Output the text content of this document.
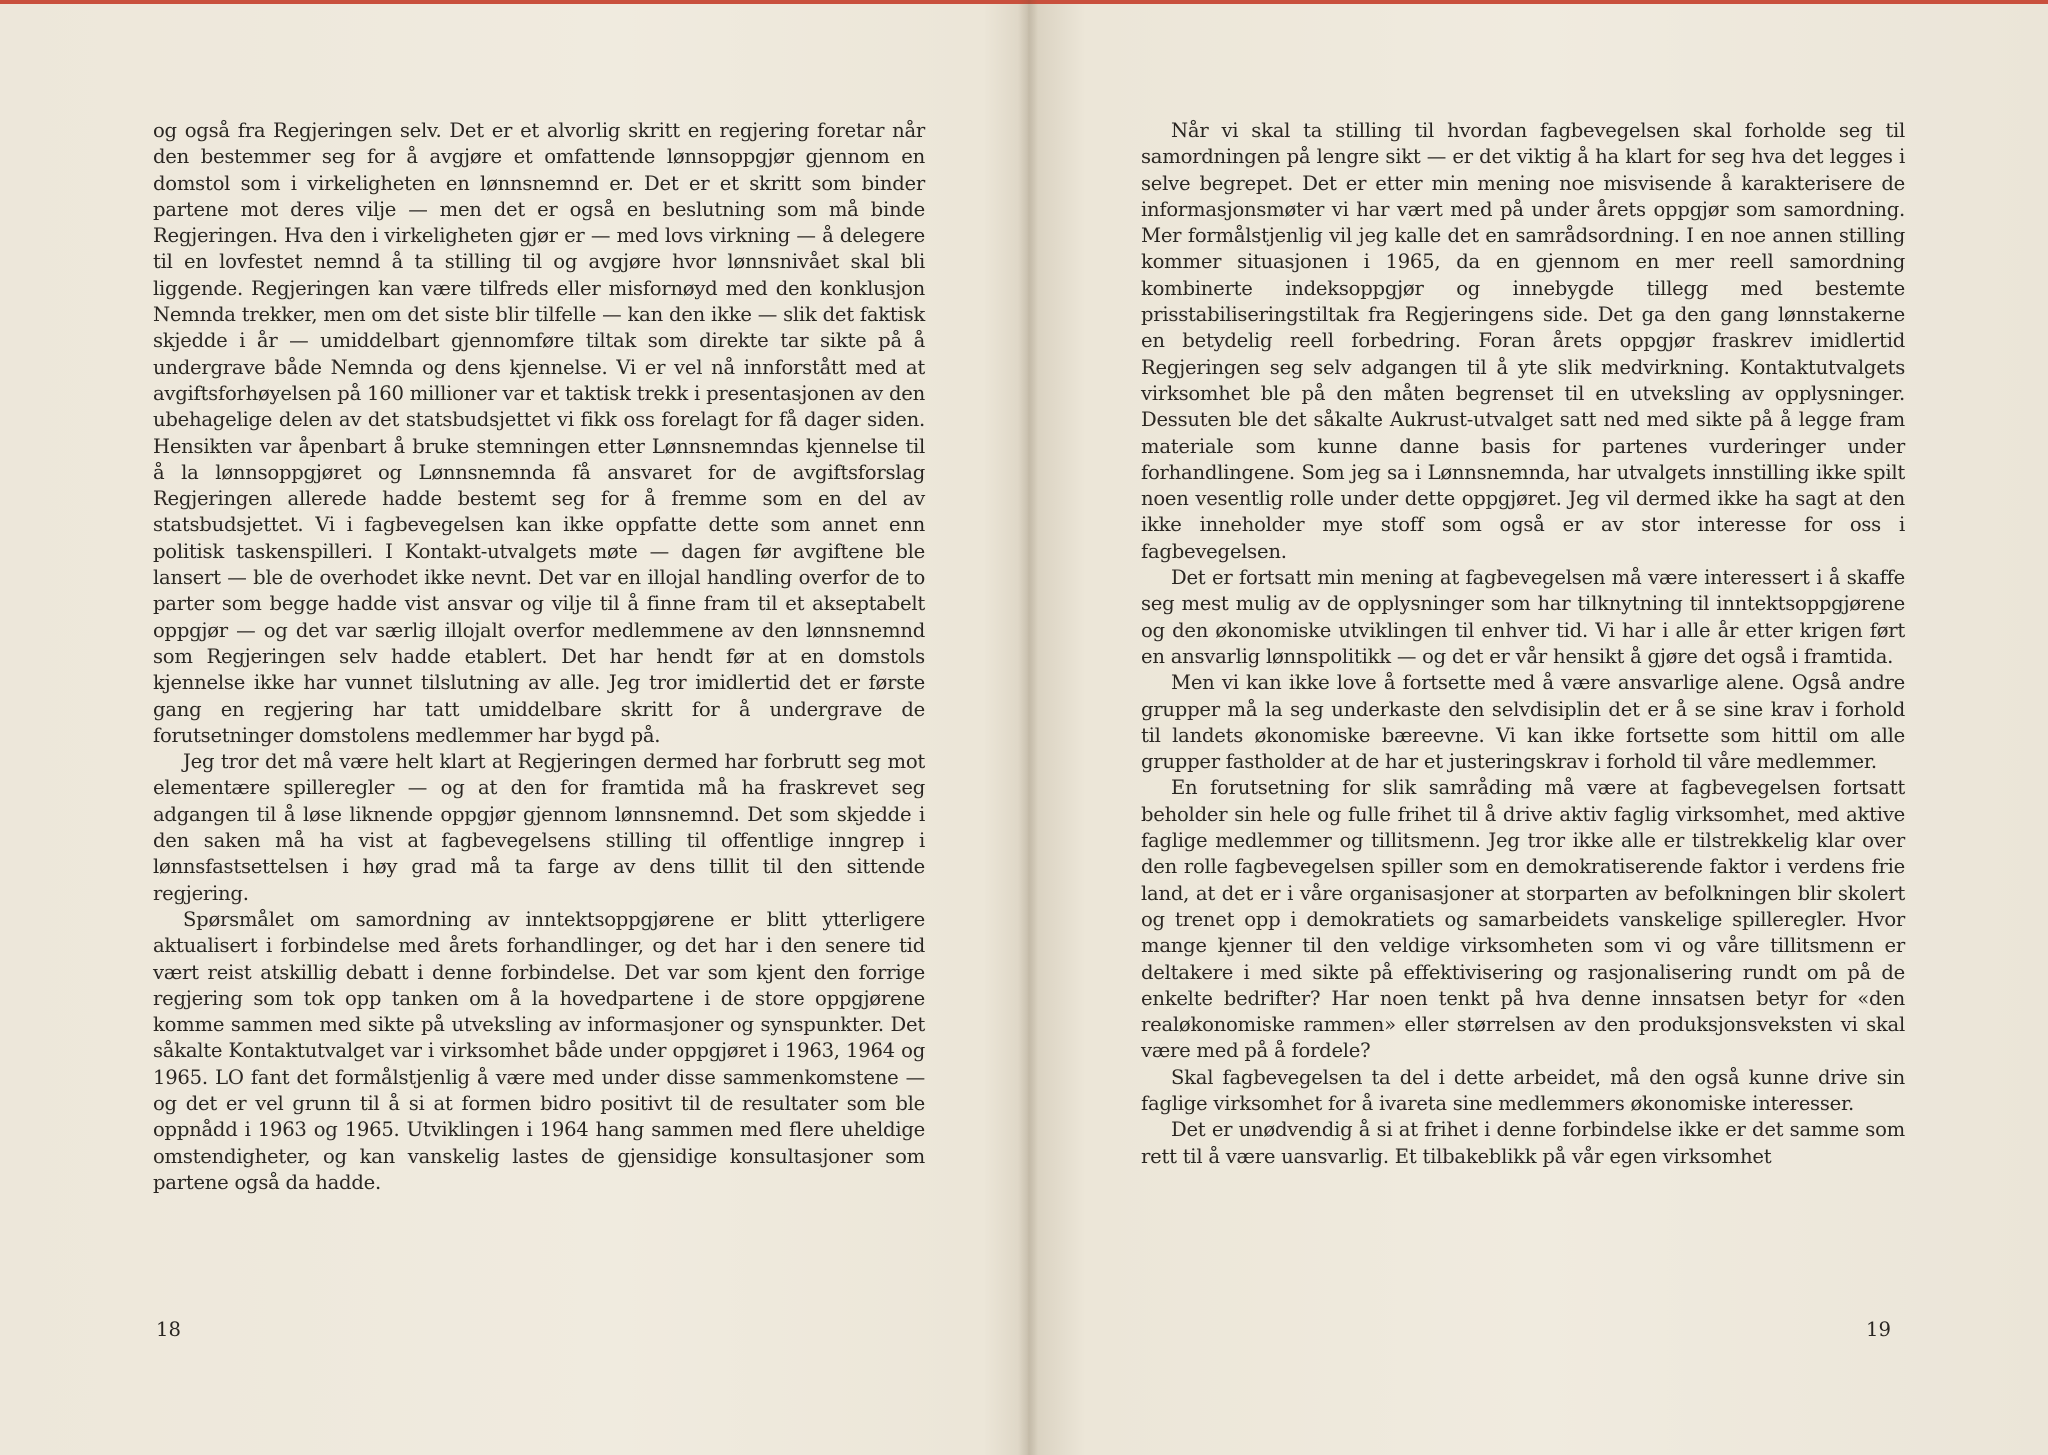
og også fra Regjeringen selv. Det er et alvorlig skritt en regjering foretar når den bestemmer seg for å avgjøre et omfattende lønnsoppgjør gjennom en domstol som i virkeligheten en lønnsnemnd er. Det er et skritt som binder partene mot deres vilje — men det er også en beslutning som må binde Regjeringen. Hva den i virkeligheten gjør er — med lovs virkning — å delegere til en lovfestet nemnd å ta stilling til og avgjøre hvor lønnsnivået skal bli liggende. Regjeringen kan være tilfreds eller misfornøyd med den konklusjon Nemnda trekker, men om det siste blir tilfelle — kan den ikke — slik det faktisk skjedde i år — umiddelbart gjennomføre tiltak som direkte tar sikte på å undergrave både Nemnda og dens kjennelse. Vi er vel nå innforstått med at avgiftsforhøyelsen på 160 millioner var et taktisk trekk i presentasjonen av den ubehagelige delen av det statsbudsjettet vi fikk oss forelagt for få dager siden. Hensikten var åpenbart å bruke stemningen etter Lønnsnemndas kjennelse til å la lønnsoppgjøret og Lønnsnemnda få ansvaret for de avgiftsforslag Regjeringen allerede hadde bestemt seg for å fremme som en del av statsbudsjettet. Vi i fagbevegelsen kan ikke oppfatte dette som annet enn politisk taskenspilleri. I Kontakt-utvalgets møte — dagen før avgiftene ble lansert — ble de overhodet ikke nevnt. Det var en illojal handling overfor de to parter som begge hadde vist ansvar og vilje til å finne fram til et akseptabelt oppgjør — og det var særlig illojalt overfor medlemmene av den lønnsnemnd som Regjeringen selv hadde etablert. Det har hendt før at en domstols kjennelse ikke har vunnet tilslutning av alle. Jeg tror imidlertid det er første gang en regjering har tatt umiddelbare skritt for å undergrave de forutsetninger domstolens medlemmer har bygd på.

Jeg tror det må være helt klart at Regjeringen dermed har forbrutt seg mot elementære spilleregler — og at den for framtida må ha fraskrevet seg adgangen til å løse liknende oppgjør gjennom lønnsnemnd. Det som skjedde i den saken må ha vist at fagbevegelsens stilling til offentlige inngrep i lønnsfastsettelsen i høy grad må ta farge av dens tillit til den sittende regjering.

Spørsmålet om samordning av inntektsoppgjørene er blitt ytterligere aktualisert i forbindelse med årets forhandlinger, og det har i den senere tid vært reist atskillig debatt i denne forbindelse. Det var som kjent den forrige regjering som tok opp tanken om å la hovedpartene i de store oppgjørene komme sammen med sikte på utveksling av informasjoner og synspunkter. Det såkalte Kontaktutvalget var i virksomhet både under oppgjøret i 1963, 1964 og 1965. LO fant det formålstjenlig å være med under disse sammenkomstene — og det er vel grunn til å si at formen bidro positivt til de resultater som ble oppnådd i 1963 og 1965. Utviklingen i 1964 hang sammen med flere uheldige omstendigheter, og kan vanskelig lastes de gjensidige konsultasjoner som partene også da hadde.

18

Når vi skal ta stilling til hvordan fagbevegelsen skal forholde seg til samordningen på lengre sikt — er det viktig å ha klart for seg hva det legges i selve begrepet. Det er etter min mening noe misvisende å karakterisere de informasjonsmøter vi har vært med på under årets oppgjør som samordning. Mer formålstjenlig vil jeg kalle det en samrådsordning. I en noe annen stilling kommer situasjonen i 1965, da en gjennom en mer reell samordning kombinerte indeksoppgjør og innebygde tillegg med bestemte prisstabiliseringstiltak fra Regjeringens side. Det ga den gang lønnstakerne en betydelig reell forbedring. Foran årets oppgjør fraskrev imidlertid Regjeringen seg selv adgangen til å yte slik medvirkning. Kontaktutvalgets virksomhet ble på den måten begrenset til en utveksling av opplysninger. Dessuten ble det såkalte Aukrust-utvalget satt ned med sikte på å legge fram materiale som kunne danne basis for partenes vurderinger under forhandlingene. Som jeg sa i Lønnsnemnda, har utvalgets innstilling ikke spilt noen vesentlig rolle under dette oppgjøret. Jeg vil dermed ikke ha sagt at den ikke inneholder mye stoff som også er av stor interesse for oss i fagbevegelsen.

Det er fortsatt min mening at fagbevegelsen må være interessert i å skaffe seg mest mulig av de opplysninger som har tilknytning til inntektsoppgjørene og den økonomiske utviklingen til enhver tid. Vi har i alle år etter krigen ført en ansvarlig lønnspolitikk — og det er vår hensikt å gjøre det også i framtida.

Men vi kan ikke love å fortsette med å være ansvarlige alene. Også andre grupper må la seg underkaste den selvdisiplin det er å se sine krav i forhold til landets økonomiske bæreevne. Vi kan ikke fortsette som hittil om alle grupper fastholder at de har et justeringskrav i forhold til våre medlemmer.

En forutsetning for slik samråding må være at fagbevegelsen fortsatt beholder sin hele og fulle frihet til å drive aktiv faglig virksomhet, med aktive faglige medlemmer og tillitsmenn. Jeg tror ikke alle er tilstrekkelig klar over den rolle fagbevegelsen spiller som en demokratiserende faktor i verdens frie land, at det er i våre organisasjoner at storparten av befolkningen blir skolert og trenet opp i demokratiets og samarbeidets vanskelige spilleregler. Hvor mange kjenner til den veldige virksomheten som vi og våre tillitsmenn er deltakere i med sikte på effektivisering og rasjonalisering rundt om på de enkelte bedrifter? Har noen tenkt på hva denne innsatsen betyr for «den realøkonomiske rammen» eller størrelsen av den produksjonsveksten vi skal være med på å fordele?

Skal fagbevegelsen ta del i dette arbeidet, må den også kunne drive sin faglige virksomhet for å ivareta sine medlemmers økonomiske interesser.

Det er unødvendig å si at frihet i denne forbindelse ikke er det samme som rett til å være uansvarlig. Et tilbakeblikk på vår egen virksomhet

19
